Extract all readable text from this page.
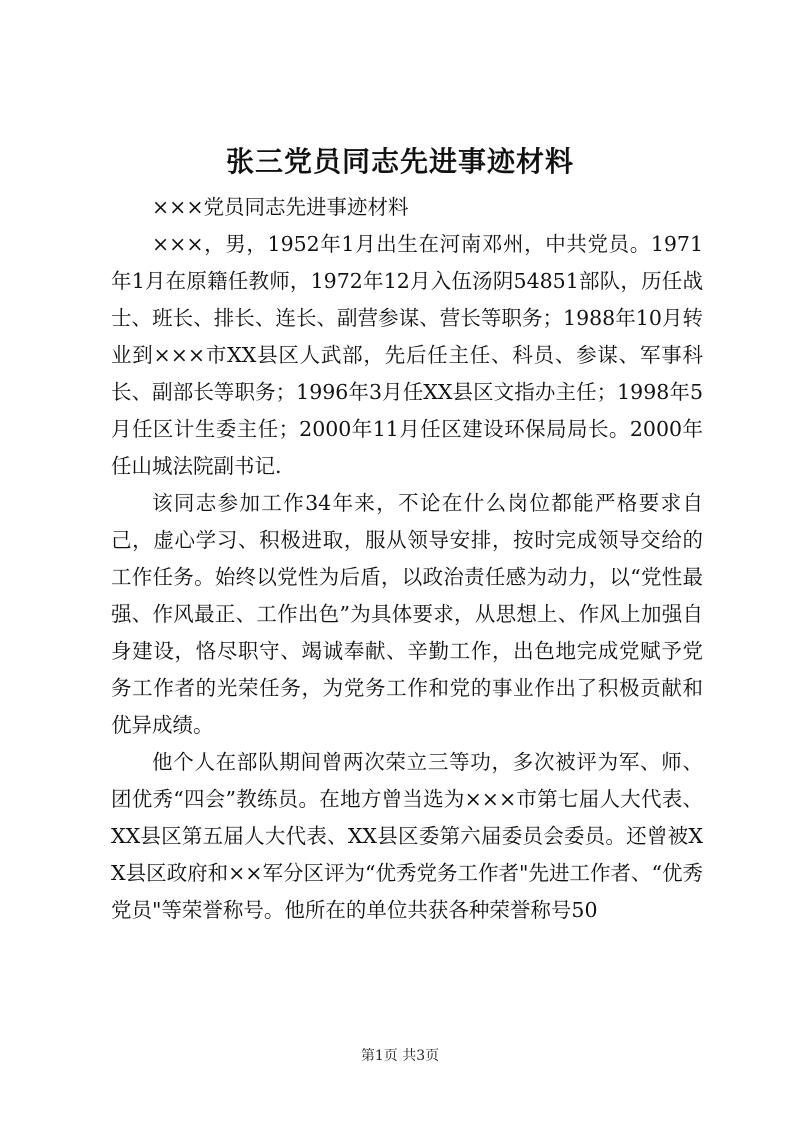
张三党员同志先进事迹材料

×××党员同志先进事迹材料

×××，男，1952年1月出生在河南邓州，中共党员。1971年1月在原籍任教师，1972年12月入伍汤阴54851部队，历任战士、班长、排长、连长、副营参谋、营长等职务；1988年10月转业到×××市XX县区人武部，先后任主任、科员、参谋、军事科长、副部长等职务；1996年3月任XX县区文指办主任；1998年5月任区计生委主任；2000年11月任区建设环保局局长。2000年任山城法院副书记.

该同志参加工作34年来，不论在什么岗位都能严格要求自己，虚心学习、积极进取，服从领导安排，按时完成领导交给的工作任务。始终以党性为后盾，以政治责任感为动力，以“党性最强、作风最正、工作出色”为具体要求，从思想上、作风上加强自身建设，恪尽职守、竭诚奉献、辛勤工作，出色地完成党赋予党务工作者的光荣任务，为党务工作和党的事业作出了积极贡献和优异成绩。

他个人在部队期间曾两次荣立三等功，多次被评为军、师、团优秀“四会”教练员。在地方曾当选为×××市第七届人大代表、XX县区第五届人大代表、XX县区委第六届委员会委员。还曾被XX县区政府和××军分区评为“优秀党务工作者"先进工作者、“优秀党员"等荣誉称号。他所在的单位共获各种荣誉称号50

第1页 共3页
